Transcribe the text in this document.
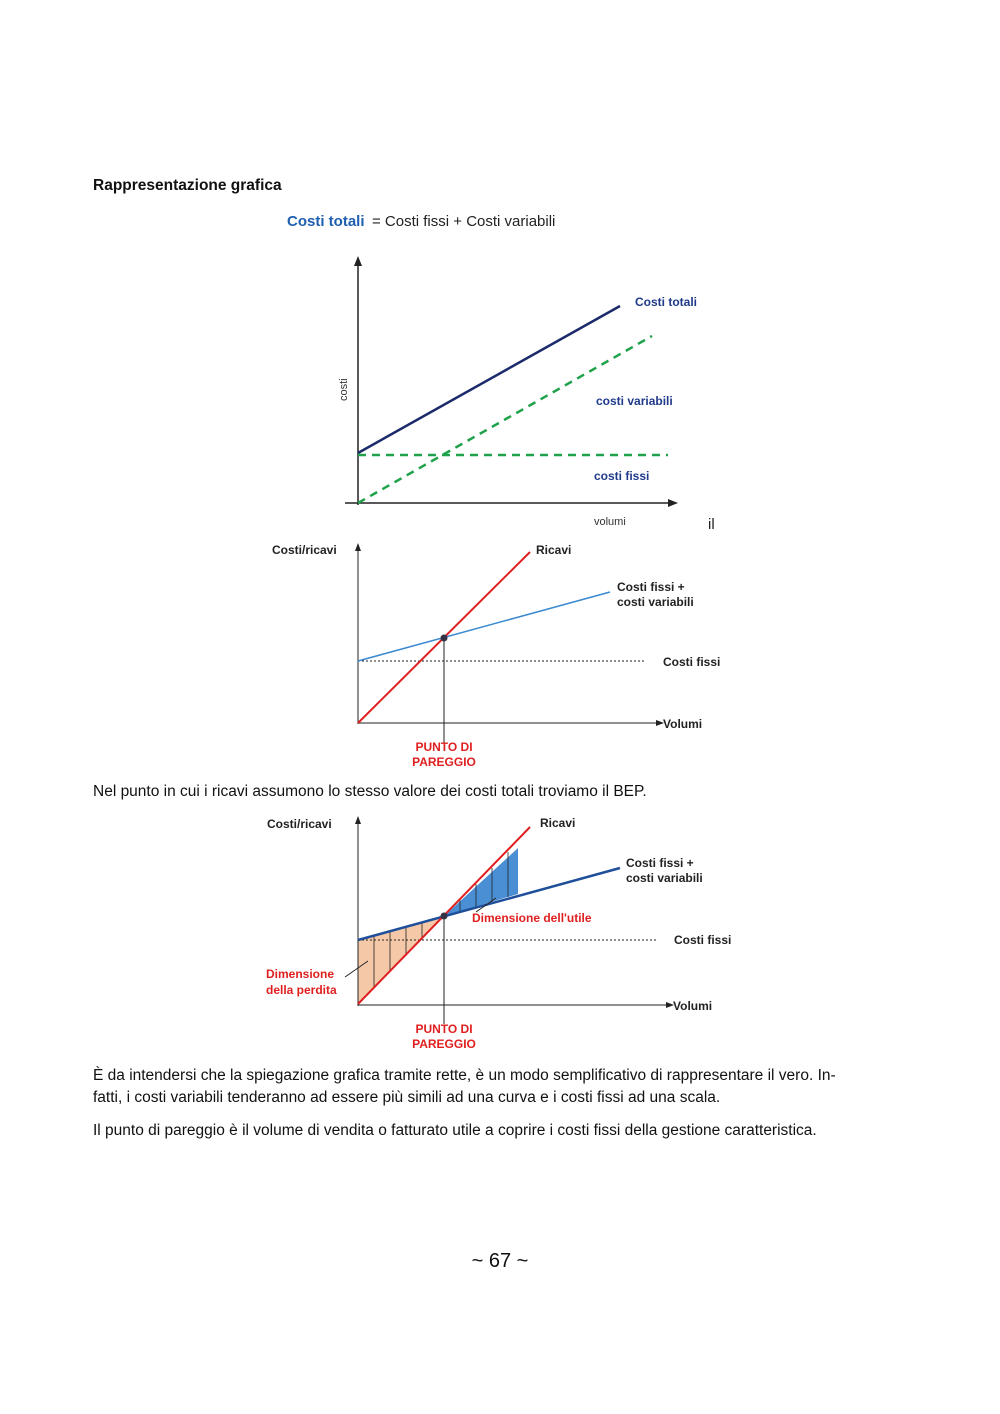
Rappresentazione grafica
Costi totali = Costi fissi + Costi variabili
costi
volumi
Costi totali
costi variabili
costi fissi
il
Costi/ricavi
Volumi
Ricavi
Costi fissi +
costi variabili
Costi fissi
PUNTO DI
PAREGGIO
Nel punto in cui i ricavi assumono lo stesso valore dei costi totali troviamo il BEP.
Costi/ricavi
Volumi
Ricavi
Costi fissi +
costi variabili
Costi fissi
Dimensione dell'utile
Dimensione
della perdita
PUNTO DI
PAREGGIO
È da intendersi che la spiegazione grafica tramite rette, è un modo semplificativo di rappresentare il vero. In-
fatti, i costi variabili tenderanno ad essere più simili ad una curva e i costi fissi ad una scala.
Il punto di pareggio è il volume di vendita o fatturato utile a coprire i costi fissi della gestione caratteristica.
~ 67 ~
